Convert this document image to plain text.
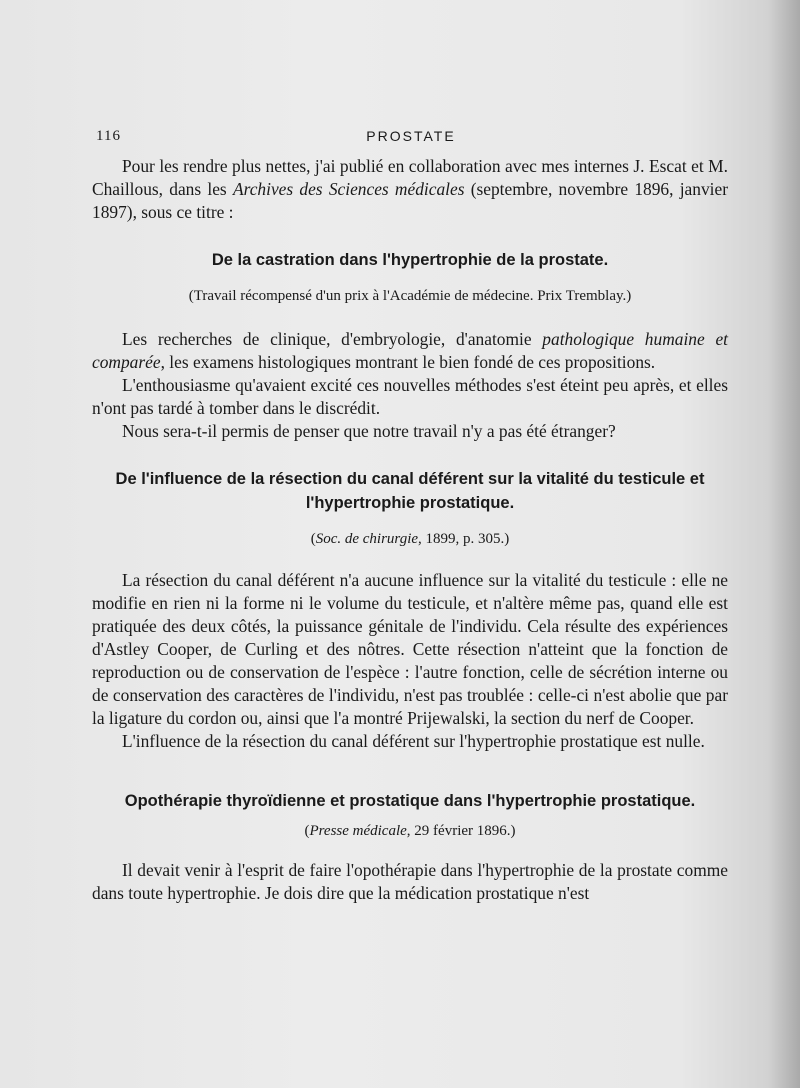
116	PROSTATE

Pour les rendre plus nettes, j'ai publié en collaboration avec mes internes J. Escat et M. Chaillous, dans les Archives des Sciences médicales (septembre, novembre 1896, janvier 1897), sous ce titre :

De la castration dans l'hypertrophie de la prostate.
(Travail récompensé d'un prix à l'Académie de médecine. Prix Tremblay.)

Les recherches de clinique, d'embryologie, d'anatomie pathologique humaine et comparée, les examens histologiques montrant le bien fondé de ces propositions.

L'enthousiasme qu'avaient excité ces nouvelles méthodes s'est éteint peu après, et elles n'ont pas tardé à tomber dans le discrédit.

Nous sera-t-il permis de penser que notre travail n'y a pas été étranger?

De l'influence de la résection du canal déférent sur la vitalité du testicule et
l'hypertrophie prostatique.
(Soc. de chirurgie, 1899, p. 305.)

La résection du canal déférent n'a aucune influence sur la vitalité du testicule : elle ne modifie en rien ni la forme ni le volume du testicule, et n'altère même pas, quand elle est pratiquée des deux côtés, la puissance génitale de l'individu. Cela résulte des expériences d'Astley Cooper, de Curling et des nôtres. Cette résection n'atteint que la fonction de reproduction ou de conservation de l'espèce : l'autre fonction, celle de sécrétion interne ou de conservation des caractères de l'individu, n'est pas troublée : celle-ci n'est abolie que par la ligature du cordon ou, ainsi que l'a montré Prijewalski, la section du nerf de Cooper.

L'influence de la résection du canal déférent sur l'hypertrophie prostatique est nulle.

Opothérapie thyroïdienne et prostatique dans l'hypertrophie prostatique.
(Presse médicale, 29 février 1896.)

Il devait venir à l'esprit de faire l'opothérapie dans l'hypertrophie de la prostate comme dans toute hypertrophie. Je dois dire que la médication prostatique n'est
